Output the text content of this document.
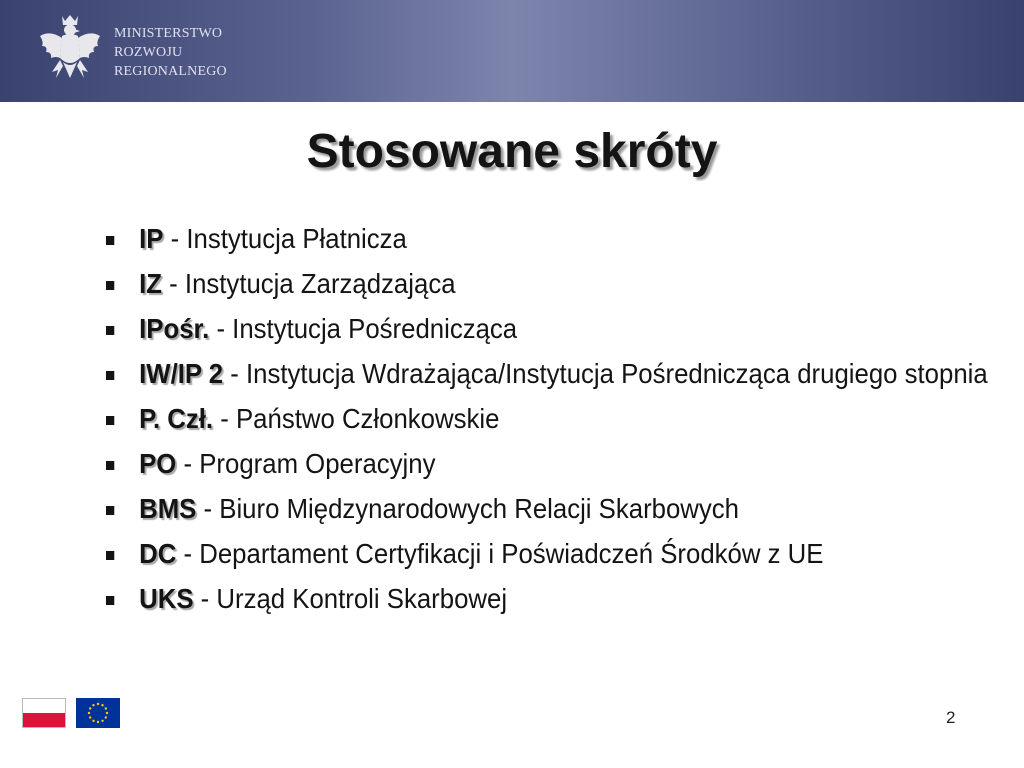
MINISTERSTWO
ROZWOJU
REGIONALNEGO
Stosowane skróty
IP - Instytucja Płatnicza
IZ - Instytucja Zarządzająca
IPośr. - Instytucja Pośrednicząca
IW/IP 2 - Instytucja Wdrażająca/Instytucja Pośrednicząca drugiego stopnia
P. Czł. - Państwo Członkowskie
PO - Program Operacyjny
BMS - Biuro Międzynarodowych Relacji Skarbowych
DC - Departament Certyfikacji i Poświadczeń Środków z UE
UKS - Urząd Kontroli Skarbowej
2
